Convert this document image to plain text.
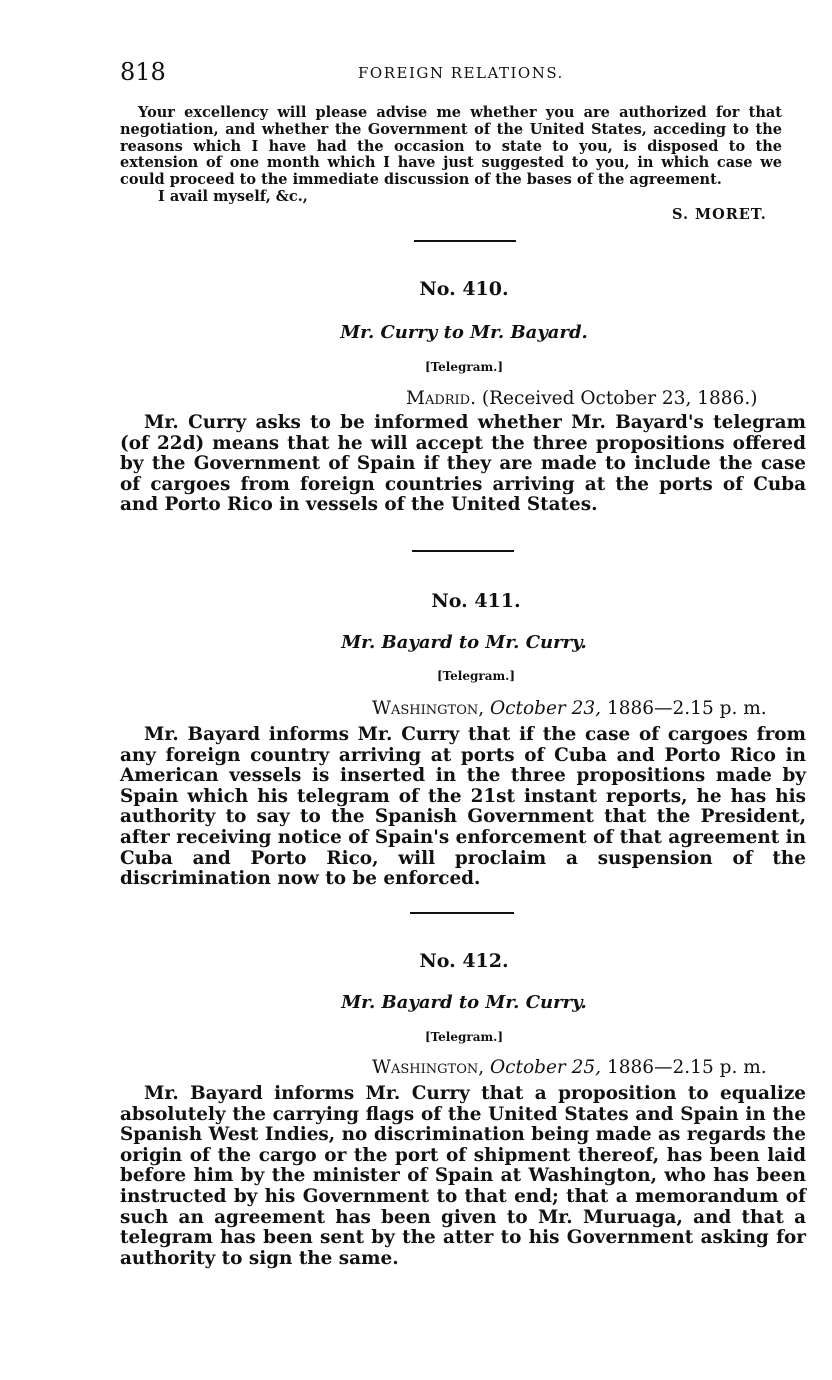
818	FOREIGN RELATIONS.

Your excellency will please advise me whether you are authorized for that negotiation, and whether the Government of the United States, acceding to the reasons which I have had the occasion to state to you, is disposed to the extension of one month which I have just suggested to you, in which case we could proceed to the immediate discussion of the bases of the agreement.

I avail myself, &c.,
S. MORET.
No. 410.
Mr. Curry to Mr. Bayard.
[Telegram.]
Madrid. (Received October 23, 1886.)

Mr. Curry asks to be informed whether Mr. Bayard's telegram (of 22d) means that he will accept the three propositions offered by the Government of Spain if they are made to include the case of cargoes from foreign countries arriving at the ports of Cuba and Porto Rico in vessels of the United States.

No. 411.
Mr. Bayard to Mr. Curry.
[Telegram.]
Washington, October 23, 1886—2.15 p. m.

Mr. Bayard informs Mr. Curry that if the case of cargoes from any foreign country arriving at ports of Cuba and Porto Rico in American vessels is inserted in the three propositions made by Spain which his telegram of the 21st instant reports, he has his authority to say to the Spanish Government that the President, after receiving notice of Spain's enforcement of that agreement in Cuba and Porto Rico, will proclaim a suspension of the discrimination now to be enforced.

No. 412.
Mr. Bayard to Mr. Curry.
[Telegram.]
Washington, October 25, 1886—2.15 p. m.

Mr. Bayard informs Mr. Curry that a proposition to equalize absolutely the carrying flags of the United States and Spain in the Spanish West Indies, no discrimination being made as regards the origin of the cargo or the port of shipment thereof, has been laid before him by the minister of Spain at Washington, who has been instructed by his Government to that end; that a memorandum of such an agreement has been given to Mr. Muruaga, and that a telegram has been sent by the atter to his Government asking for authority to sign the same.
